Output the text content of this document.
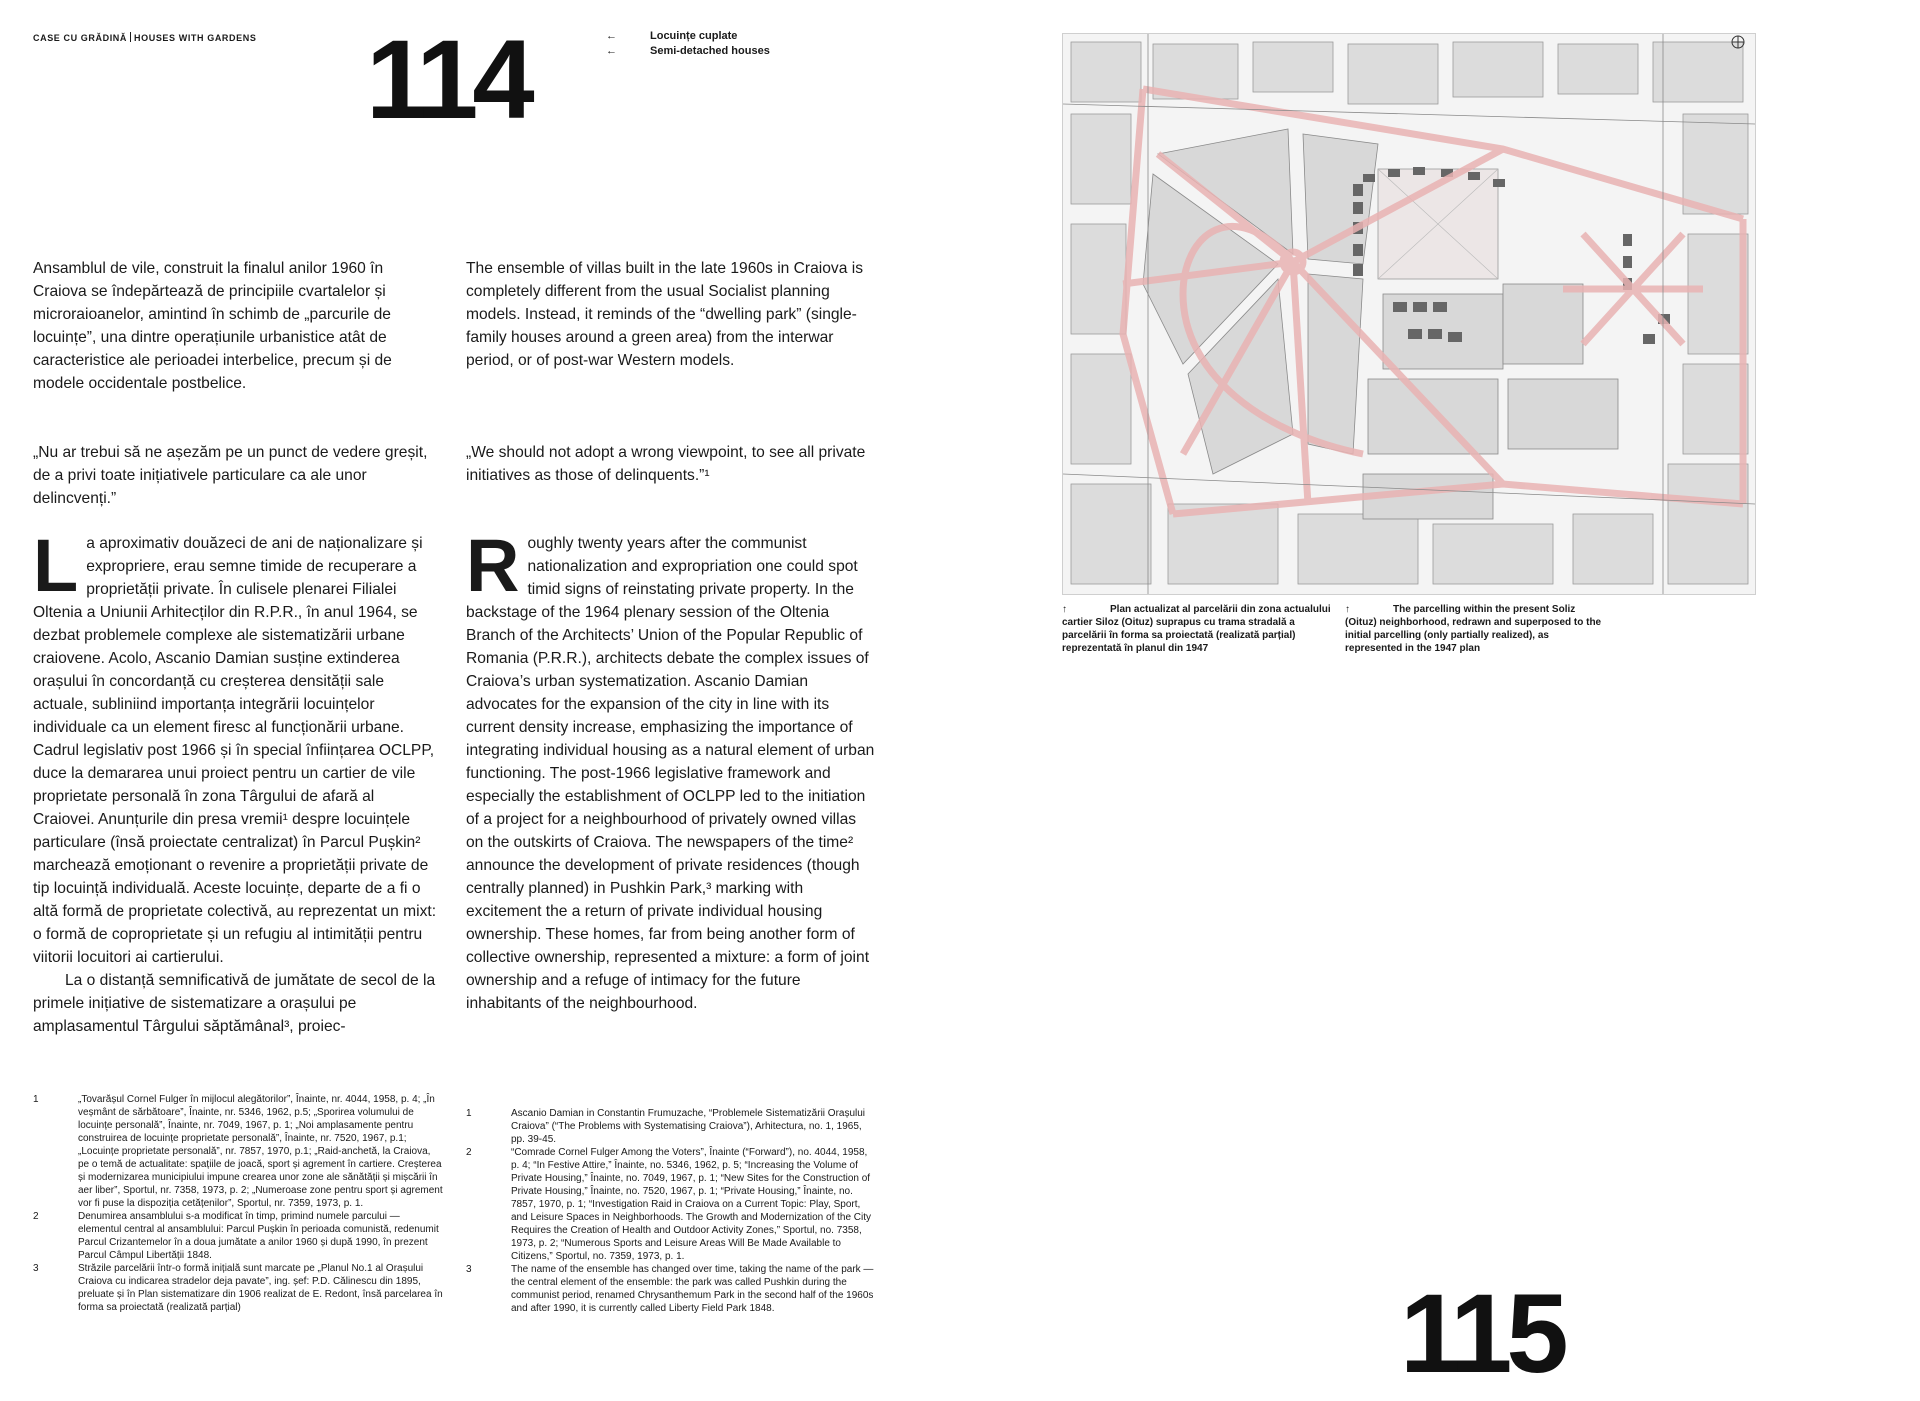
CASE CU GRĂDINĂ HOUSES WITH GARDENS 114	←	Locuințe cuplate
←	Semi-detached houses

Ansamblul de vile, construit la finalul anilor 1960 în Craiova se îndepărtează de principiile cvartalelor și microraioanelor, amintind în schimb de „parcurile de locuințe”, una dintre operațiunile urbanistice atât de caracteristice ale perioadei interbelice, precum și de modele occidentale postbelice.

The ensemble of villas built in the late 1960s in Craiova is completely different from the usual Socialist planning models. Instead, it reminds of the “dwelling park” (single-family houses around a green area) from the interwar period, or of post-war Western models.

„Nu ar trebui să ne așezăm pe un punct de vedere greșit, de a privi toate inițiativele particulare ca ale unor delincvenți.”

„We should not adopt a wrong viewpoint, to see all private initiatives as those of delinquents.”¹

L a aproximativ douăzeci de ani de naționalizare și expropriere, erau semne timide de recuperare a proprietății private. În culisele plenarei Filialei Oltenia a Uniunii Arhitecților din R.P.R., în anul 1964, se dezbat problemele complexe ale sistematizării urbane craiovene. Acolo, Ascanio Damian susține extinderea orașului în concordanță cu creșterea densității sale actuale, subliniind importanța integrării locuințelor individuale ca un element firesc al funcționării urbane. Cadrul legislativ post 1966 și în special înființarea OCLPP, duce la demararea unui proiect pentru un cartier de vile proprietate personală în zona Târgului de afară al Craiovei. Anunțurile din presa vremii¹ despre locuințele particulare (însă proiectate centralizat) în Parcul Pușkin² marchează emoționant o revenire a proprietății private de tip locuință individuală. Aceste locuințe, departe de a fi o altă formă de proprietate colectivă, au reprezentat un mixt: o formă de coproprietate și un refugiu al intimității pentru viitorii locuitori ai cartierului.

La o distanță semnificativă de jumătate de secol de la primele inițiative de sistematizare a orașului pe amplasamentul Târgului săptămânal³, proiec-

R oughly twenty years after the communist nationalization and expropriation one could spot timid signs of reinstating private property. In the backstage of the 1964 plenary session of the Oltenia Branch of the Architects’ Union of the Popular Republic of Romania (P.R.R.), architects debate the complex issues of Craiova’s urban systematization. Ascanio Damian advocates for the expansion of the city in line with its current density increase, emphasizing the importance of integrating individual housing as a natural element of urban functioning. The post-1966 legislative framework and especially the establishment of OCLPP led to the initiation of a project for a neighbourhood of privately owned villas on the outskirts of Craiova. The newspapers of the time² announce the development of private residences (though centrally planned) in Pushkin Park,³ marking with excitement the a return of private individual housing ownership. These homes, far from being another form of collective ownership, represented a mixture: a form of joint ownership and a refuge of intimacy for the future inhabitants of the neighbourhood.

1	„Tovarășul Cornel Fulger în mijlocul alegătorilor”, Înainte, nr. 4044, 1958, p. 4; „În veșmânt de sărbătoare”, Înainte, nr. 5346, 1962, p.5; „Sporirea volumului de locuințe personală”, Înainte, nr. 7049, 1967, p. 1; „Noi amplasamente pentru construirea de locuințe proprietate personală”, Înainte, nr. 7520, 1967, p.1; „Locuințe proprietate personală”, nr. 7857, 1970, p.1; „Raid-anchetă, la Craiova, pe o temă de actualitate: spațiile de joacă, sport și agrement în cartiere. Creșterea și modernizarea municipiului impune crearea unor zone ale sănătății și mișcării în aer liber”, Sportul, nr. 7358, 1973, p. 2; „Numeroase zone pentru sport și agrement vor fi puse la dispoziția cetățenilor”, Sportul, nr. 7359, 1973, p. 1.
2	Denumirea ansamblului s-a modificat în timp, primind numele parcului — elementul central al ansamblului: Parcul Pușkin în perioada comunistă, redenumit Parcul Crizantemelor în a doua jumătate a anilor 1960 și după 1990, în prezent Parcul Câmpul Libertății 1848.
3	Străzile parcelării într-o formă inițială sunt marcate pe „Planul No.1 al Orașului Craiova cu indicarea stradelor deja pavate”, ing. șef: P.D. Călinescu din 1895, preluate și în Plan sistematizare din 1906 realizat de E. Redont, însă parcelarea în forma sa proiectată (realizată parțial)
1	Ascanio Damian in Constantin Frumuzache, “Problemele Sistematizării Orașului Craiova” (“The Problems with Systematising Craiova”), Arhitectura, no. 1, 1965, pp. 39-45.
2	“Comrade Cornel Fulger Among the Voters”, Înainte (“Forward”), no. 4044, 1958, p. 4; “In Festive Attire,” Înainte, no. 5346, 1962, p. 5; “Increasing the Volume of Private Housing,” Înainte, no. 7049, 1967, p. 1; “New Sites for the Construction of Private Housing,” Înainte, no. 7520, 1967, p. 1; “Private Housing,” Înainte, no. 7857, 1970, p. 1; “Investigation Raid in Craiova on a Current Topic: Play, Sport, and Leisure Spaces in Neighborhoods. The Growth and Modernization of the City Requires the Creation of Health and Outdoor Activity Zones,” Sportul, no. 7358, 1973, p. 2; “Numerous Sports and Leisure Areas Will Be Made Available to Citizens,” Sportul, no. 7359, 1973, p. 1.
3	The name of the ensemble has changed over time, taking the name of the park — the central element of the ensemble: the park was called Pushkin during the communist period, renamed Chrysanthemum Park in the second half of the 1960s and after 1990, it is currently called Liberty Field Park 1848.
↑	Plan actualizat al parcelării din zona actualului cartier Siloz (Oituz) suprapus cu trama stradală a parcelării în forma sa proiectată (realizată parțial) reprezentată în planul din 1947
↑	The parcelling within the present Soliz (Oituz) neighborhood, redrawn and superposed to the initial parcelling (only partially realized), as represented in the 1947 plan
115
